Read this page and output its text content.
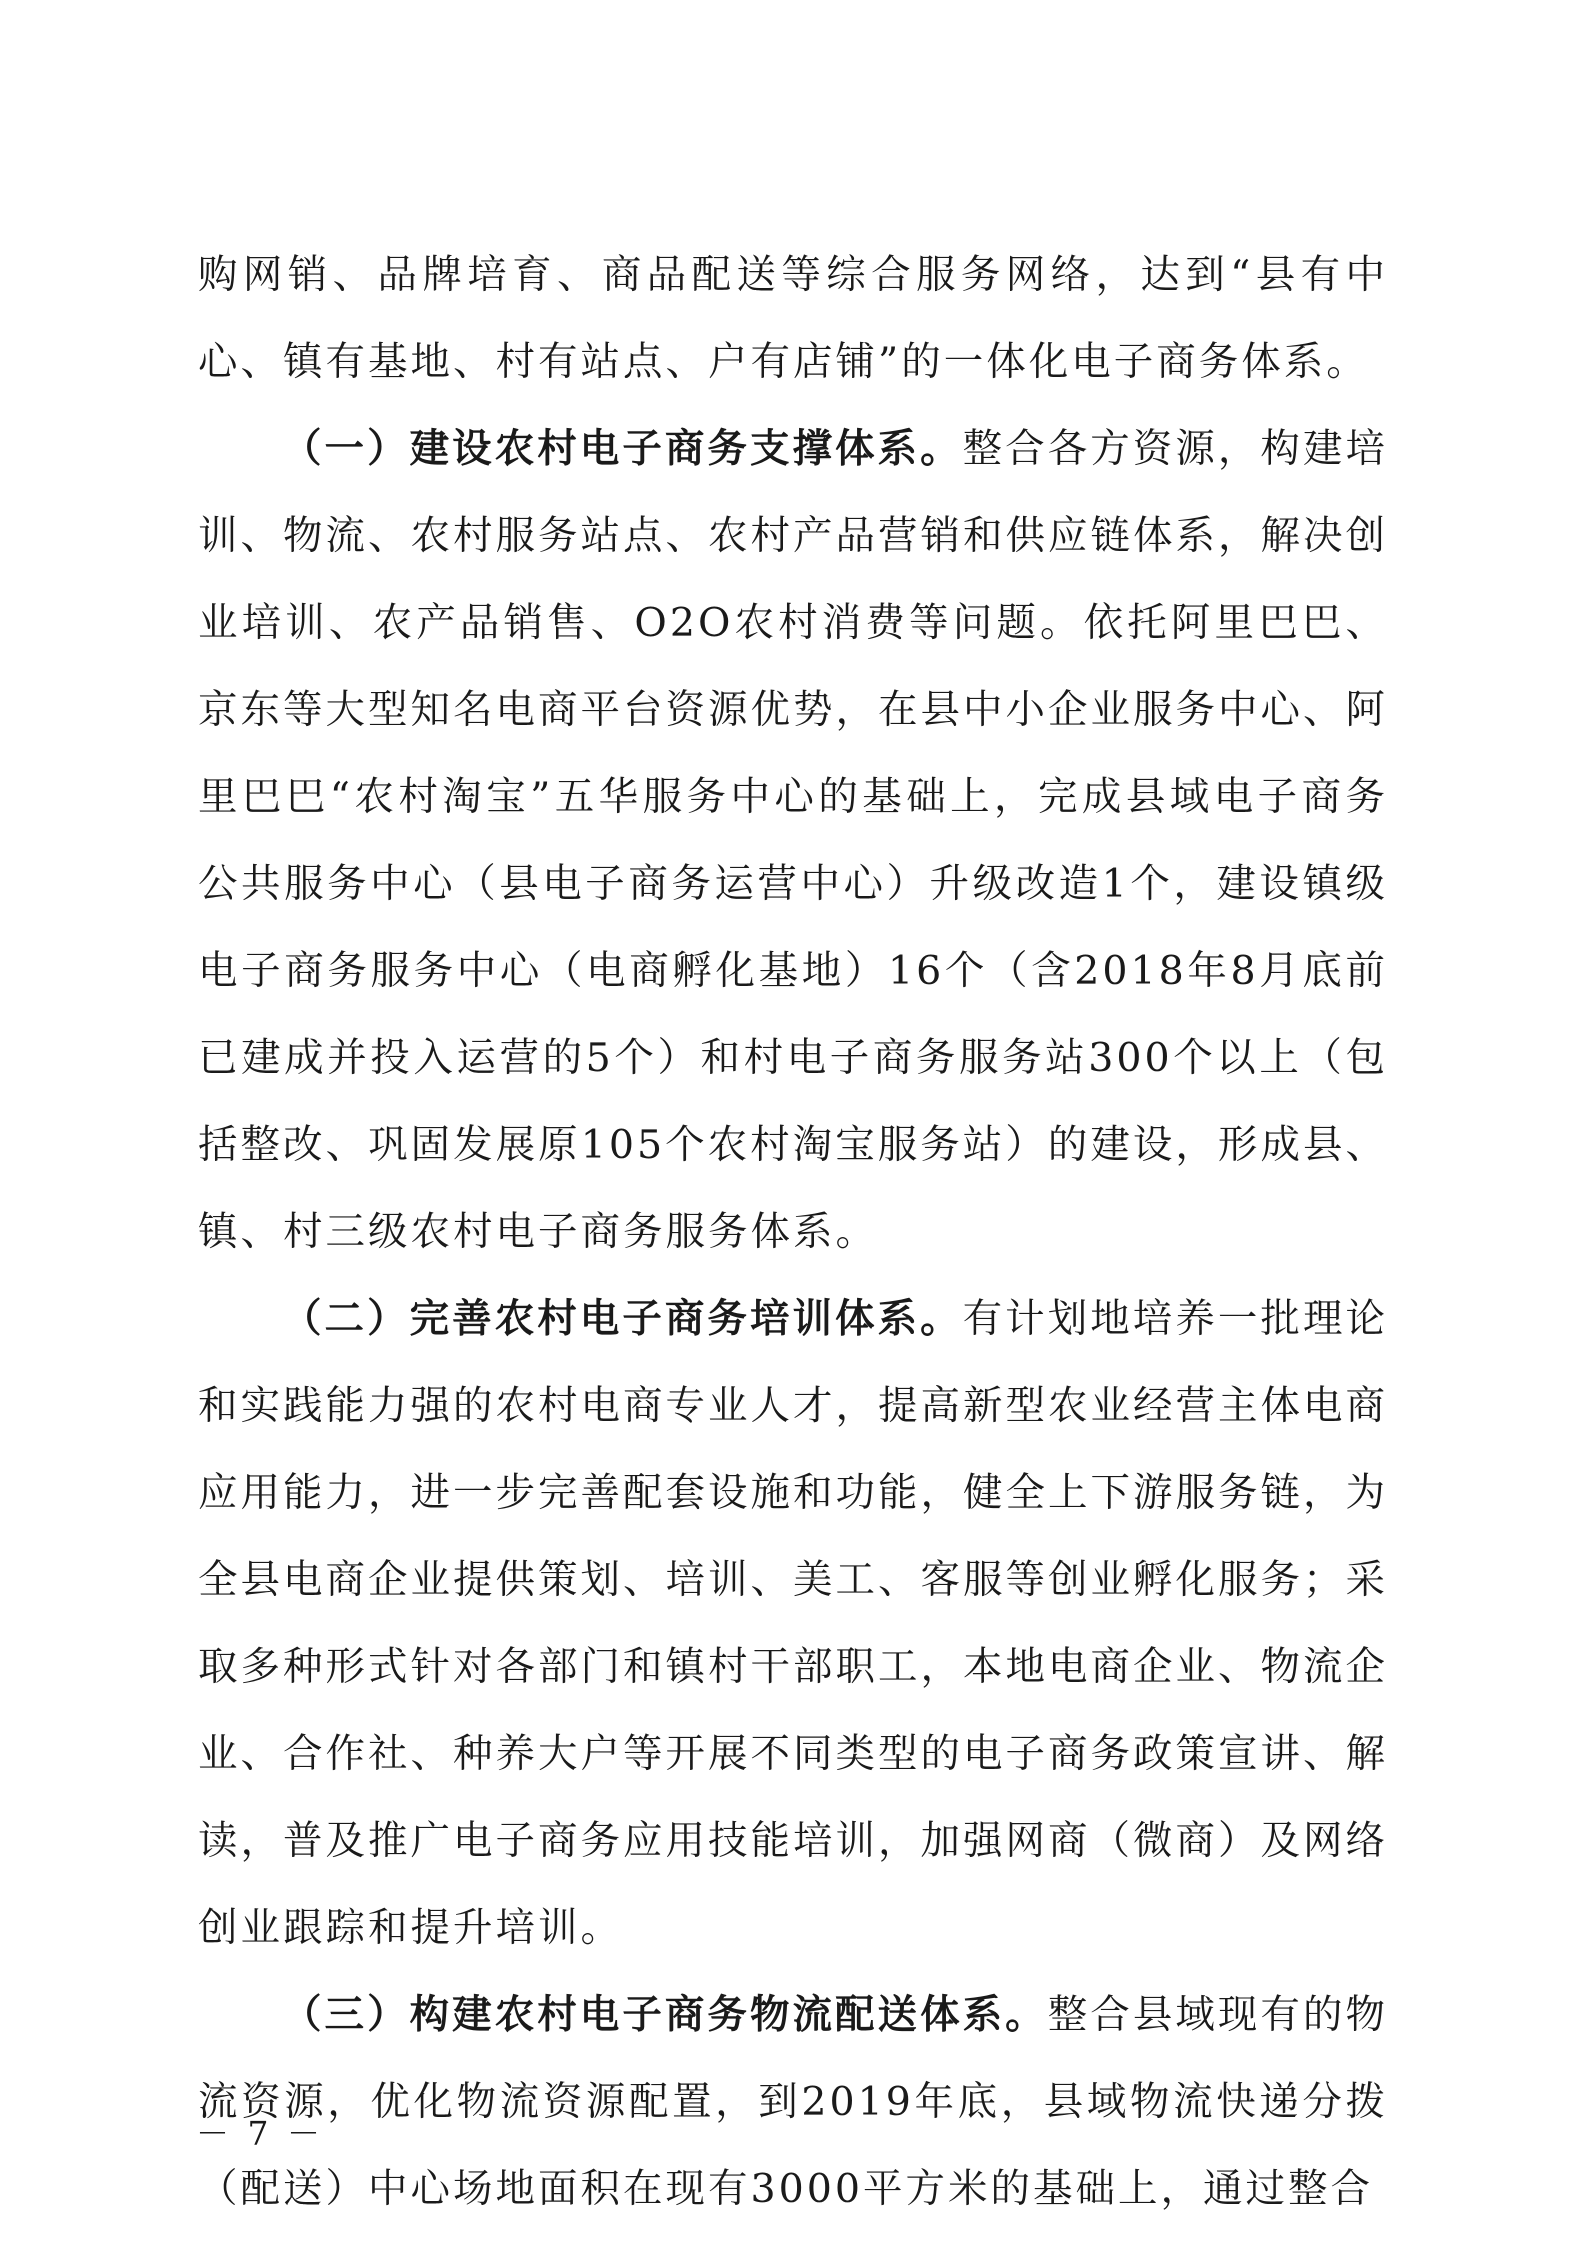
购网销、品牌培育、商品配送等综合服务网络，达到“县有中心、镇有基地、村有站点、户有店铺”的一体化电子商务体系。

（一）建设农村电子商务支撑体系。整合各方资源，构建培训、物流、农村服务站点、农村产品营销和供应链体系，解决创业培训、农产品销售、O2O农村消费等问题。依托阿里巴巴、京东等大型知名电商平台资源优势，在县中小企业服务中心、阿里巴巴“农村淘宝”五华服务中心的基础上，完成县域电子商务公共服务中心（县电子商务运营中心）升级改造1个，建设镇级电子商务服务中心（电商孵化基地）16个（含2018年8月底前已建成并投入运营的5个）和村电子商务服务站300个以上（包括整改、巩固发展原105个农村淘宝服务站）的建设，形成县、镇、村三级农村电子商务服务体系。

（二）完善农村电子商务培训体系。有计划地培养一批理论和实践能力强的农村电商专业人才，提高新型农业经营主体电商应用能力，进一步完善配套设施和功能，健全上下游服务链，为全县电商企业提供策划、培训、美工、客服等创业孵化服务；采取多种形式针对各部门和镇村干部职工，本地电商企业、物流企业、合作社、种养大户等开展不同类型的电子商务政策宣讲、解读，普及推广电子商务应用技能培训，加强网商（微商）及网络创业跟踪和提升培训。

（三）构建农村电子商务物流配送体系。整合县域现有的物流资源，优化物流资源配置，到2019年底，县域物流快递分拨（配送）中心场地面积在现有3000平方米的基础上，通过整合

－ 7 －
